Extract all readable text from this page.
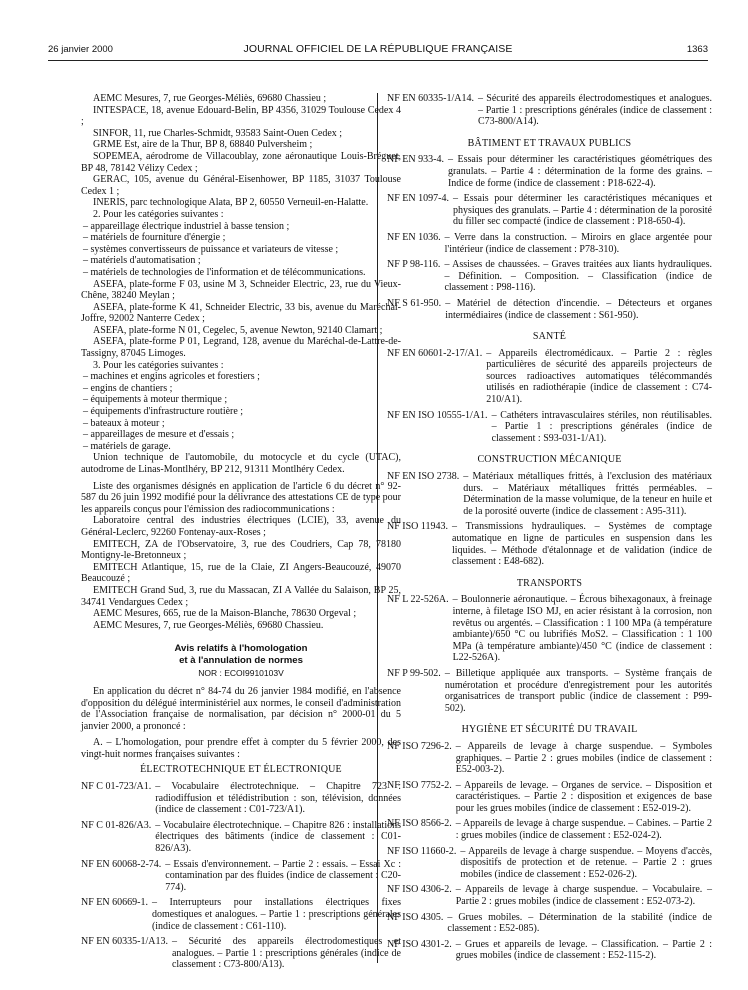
26 janvier 2000	JOURNAL OFFICIEL DE LA RÉPUBLIQUE FRANÇAISE	1363

AEMC Mesures, 7, rue Georges-Méliès, 69680 Chassieu ;

INTESPACE, 18, avenue Edouard-Belin, BP 4356, 31029 Toulouse Cedex 4 ;

SINFOR, 11, rue Charles-Schmidt, 93583 Saint-Ouen Cedex ;

GRME Est, aire de la Thur, BP 8, 68840 Pulversheim ;

SOPEMEA, aérodrome de Villacoublay, zone aéronautique Louis-Bréguet, BP 48, 78142 Vélizy Cedex ;

GERAC, 105, avenue du Général-Eisenhower, BP 1185, 31037 Toulouse Cedex 1 ;

INERIS, parc technologique Alata, BP 2, 60550 Verneuil-en-Halatte.

2. Pour les catégories suivantes :

– appareillage électrique industriel à basse tension ;
– matériels de fourniture d'énergie ;
– systèmes convertisseurs de puissance et variateurs de vitesse ;
– matériels d'automatisation ;
– matériels de technologies de l'information et de télécommunications.

ASEFA, plate-forme F 03, usine M 3, Schneider Electric, 23, rue du Vieux-Chêne, 38240 Meylan ;

ASEFA, plate-forme K 41, Schneider Electric, 33 bis, avenue du Maréchal-Joffre, 92002 Nanterre Cedex ;

ASEFA, plate-forme N 01, Cegelec, 5, avenue Newton, 92140 Clamart ;

ASEFA, plate-forme P 01, Legrand, 128, avenue du Maréchal-de-Lattre-de-Tassigny, 87045 Limoges.

3. Pour les catégories suivantes :

– machines et engins agricoles et forestiers ;
– engins de chantiers ;
– équipements à moteur thermique ;
– équipements d'infrastructure routière ;
– bateaux à moteur ;
– appareillages de mesure et d'essais ;
– matériels de garage.

Union technique de l'automobile, du motocycle et du cycle (UTAC), autodrome de Linas-Montlhéry, BP 212, 91311 Montlhéry Cedex.

Liste des organismes désignés en application de l'article 6 du décret n° 92-587 du 26 juin 1992 modifié pour la délivrance des attestations CE de type pour les appareils conçus pour l'émission des radiocommunications :

Laboratoire central des industries électriques (LCIE), 33, avenue du Général-Leclerc, 92260 Fontenay-aux-Roses ;

EMITECH, ZA de l'Observatoire, 3, rue des Coudriers, Cap 78, 78180 Montigny-le-Bretonneux ;

EMITECH Atlantique, 15, rue de la Claie, ZI Angers-Beaucouzé, 49070 Beaucouzé ;

EMITECH Grand Sud, 3, rue du Massacan, ZI A Vallée du Salaison, BP 25, 34741 Vendargues Cedex ;

AEMC Mesures, 665, rue de la Maison-Blanche, 78630 Orgeval ;

AEMC Mesures, 7, rue Georges-Méliès, 69680 Chassieu.

Avis relatifs à l'homologation
et à l'annulation de normes
NOR : ECOI9910103V

En application du décret n° 84-74 du 26 janvier 1984 modifié, en l'absence d'opposition du délégué interministériel aux normes, le conseil d'administration de l'Association française de normalisation, par décision n° 2000-01 du 5 janvier 2000, a prononcé :

A. – L'homologation, pour prendre effet à compter du 5 février 2000, des vingt-huit normes françaises suivantes :

ÉLECTROTECHNIQUE ET ÉLECTRONIQUE
NF C 01-723/A1. – Vocabulaire électrotechnique. – Chapitre 723 : radiodiffusion et télédistribution : son, télévision, données (indice de classement : C01-723/A1).
NF C 01-826/A3. – Vocabulaire électrotechnique. – Chapitre 826 : installations électriques des bâtiments (indice de classement : C01-826/A3).
NF EN 60068-2-74. – Essais d'environnement. – Partie 2 : essais. – Essai Xc : contamination par des fluides (indice de classement : C20-774).
NF EN 60669-1. – Interrupteurs pour installations électriques fixes domestiques et analogues. – Partie 1 : prescriptions générales (indice de classement : C61-110).
NF EN 60335-1/A13. – Sécurité des appareils électrodomestiques et analogues. – Partie 1 : prescriptions générales (indice de classement : C73-800/A13).
NF EN 60335-1/A14. – Sécurité des appareils électrodomestiques et analogues. – Partie 1 : prescriptions générales (indice de classement : C73-800/A14).
BÂTIMENT ET TRAVAUX PUBLICS
NF EN 933-4. – Essais pour déterminer les caractéristiques géométriques des granulats. – Partie 4 : détermination de la forme des grains. – Indice de forme (indice de classement : P18-622-4).
NF EN 1097-4. – Essais pour déterminer les caractéristiques mécaniques et physiques des granulats. – Partie 4 : détermination de la porosité du filler sec compacté (indice de classement : P18-650-4).
NF EN 1036. – Verre dans la construction. – Miroirs en glace argentée pour l'intérieur (indice de classement : P78-310).
NF P 98-116. – Assises de chaussées. – Graves traitées aux liants hydrauliques. – Définition. – Composition. – Classification (indice de classement : P98-116).
NF S 61-950. – Matériel de détection d'incendie. – Détecteurs et organes intermédiaires (indice de classement : S61-950).
SANTÉ
NF EN 60601-2-17/A1. – Appareils électromédicaux. – Partie 2 : règles particulières de sécurité des appareils projecteurs de sources radioactives automatiques télécommandés utilisés en radiothérapie (indice de classement : C74-210/A1).
NF EN ISO 10555-1/A1. – Cathéters intravasculaires stériles, non réutilisables. – Partie 1 : prescriptions générales (indice de classement : S93-031-1/A1).
CONSTRUCTION MÉCANIQUE
NF EN ISO 2738. – Matériaux métalliques frittés, à l'exclusion des matériaux durs. – Matériaux métalliques frittés perméables. – Détermination de la masse volumique, de la teneur en huile et de la porosité ouverte (indice de classement : A95-311).
NF ISO 11943. – Transmissions hydrauliques. – Systèmes de comptage automatique en ligne de particules en suspension dans les liquides. – Méthode d'étalonnage et de validation (indice de classement : E48-682).
TRANSPORTS
NF L 22-526A. – Boulonnerie aéronautique. – Écrous bihexagonaux, à freinage interne, à filetage ISO MJ, en acier résistant à la corrosion, non revêtus ou argentés. – Classification : 1 100 MPa (à température ambiante)/650 °C ou lubrifiés MoS2. – Classification : 1 100 MPa (à température ambiante)/450 °C (indice de classement : L22-526A).
NF P 99-502. – Billetique appliquée aux transports. – Système français de numérotation et procédure d'enregistrement pour les autorités organisatrices de transport public (indice de classement : P99-502).
HYGIÈNE ET SÉCURITÉ DU TRAVAIL
NF ISO 7296-2. – Appareils de levage à charge suspendue. – Symboles graphiques. – Partie 2 : grues mobiles (indice de classement : E52-003-2).
NF ISO 7752-2. – Appareils de levage. – Organes de service. – Disposition et caractéristiques. – Partie 2 : disposition et exigences de base pour les grues mobiles (indice de classement : E52-019-2).
NF ISO 8566-2. – Appareils de levage à charge suspendue. – Cabines. – Partie 2 : grues mobiles (indice de classement : E52-024-2).
NF ISO 11660-2. – Appareils de levage à charge suspendue. – Moyens d'accès, dispositifs de protection et de retenue. – Partie 2 : grues mobiles (indice de classement : E52-026-2).
NF ISO 4306-2. – Appareils de levage à charge suspendue. – Vocabulaire. – Partie 2 : grues mobiles (indice de classement : E52-073-2).
NF ISO 4305. – Grues mobiles. – Détermination de la stabilité (indice de classement : E52-085).
NF ISO 4301-2. – Grues et appareils de levage. – Classification. – Partie 2 : grues mobiles (indice de classement : E52-115-2).
